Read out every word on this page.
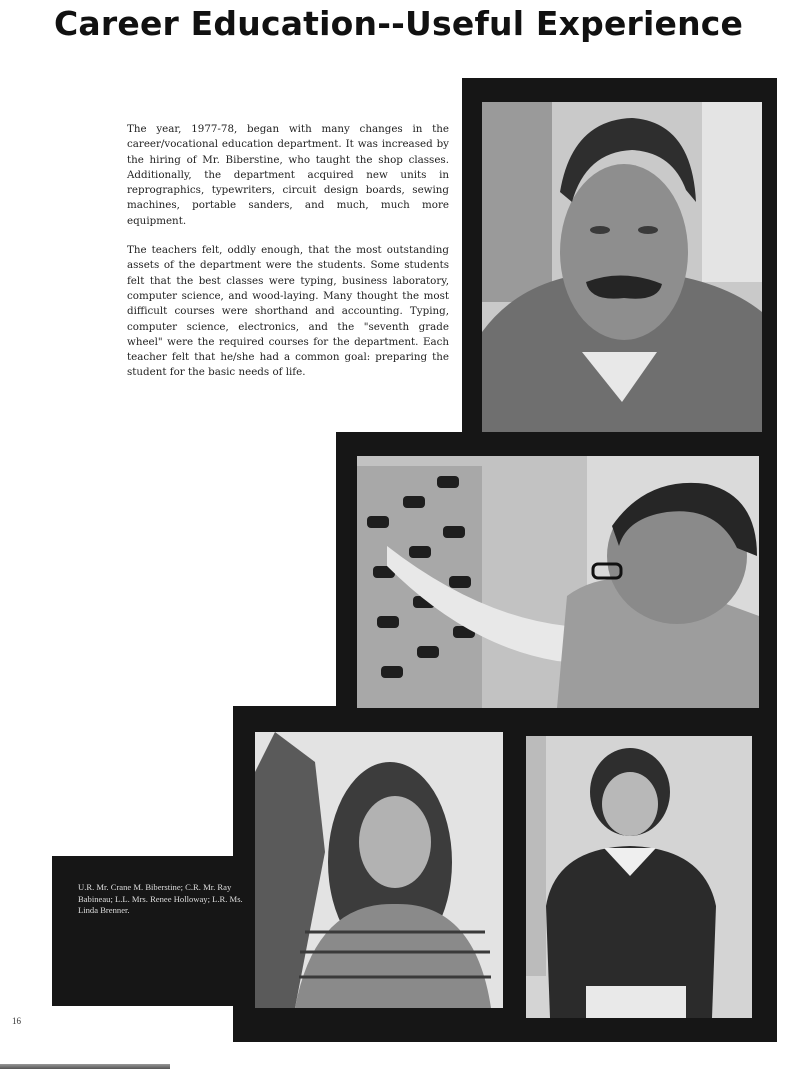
Career Education--Useful Experience

The year, 1977-78, began with many changes in the career/vocational education department. It was increased by the hiring of Mr. Biberstine, who taught the shop classes. Additionally, the department acquired new units in reprographics, typewriters, circuit design boards, sewing machines, portable sanders, and much, much more equipment.

The teachers felt, oddly enough, that the most outstanding assets of the department were the students. Some students felt that the best classes were typing, business laboratory, computer science, and wood-laying. Many thought the most difficult courses were shorthand and accounting. Typing, computer science, electronics, and the "seventh grade wheel" were the required courses for the department. Each teacher felt that he/she had a common goal: preparing the student for the basic needs of life.

U.R. Mr. Crane M. Biberstine; C.R. Mr. Ray Babineau; L.L. Mrs. Renee Holloway; L.R. Ms. Linda Brenner.
16
